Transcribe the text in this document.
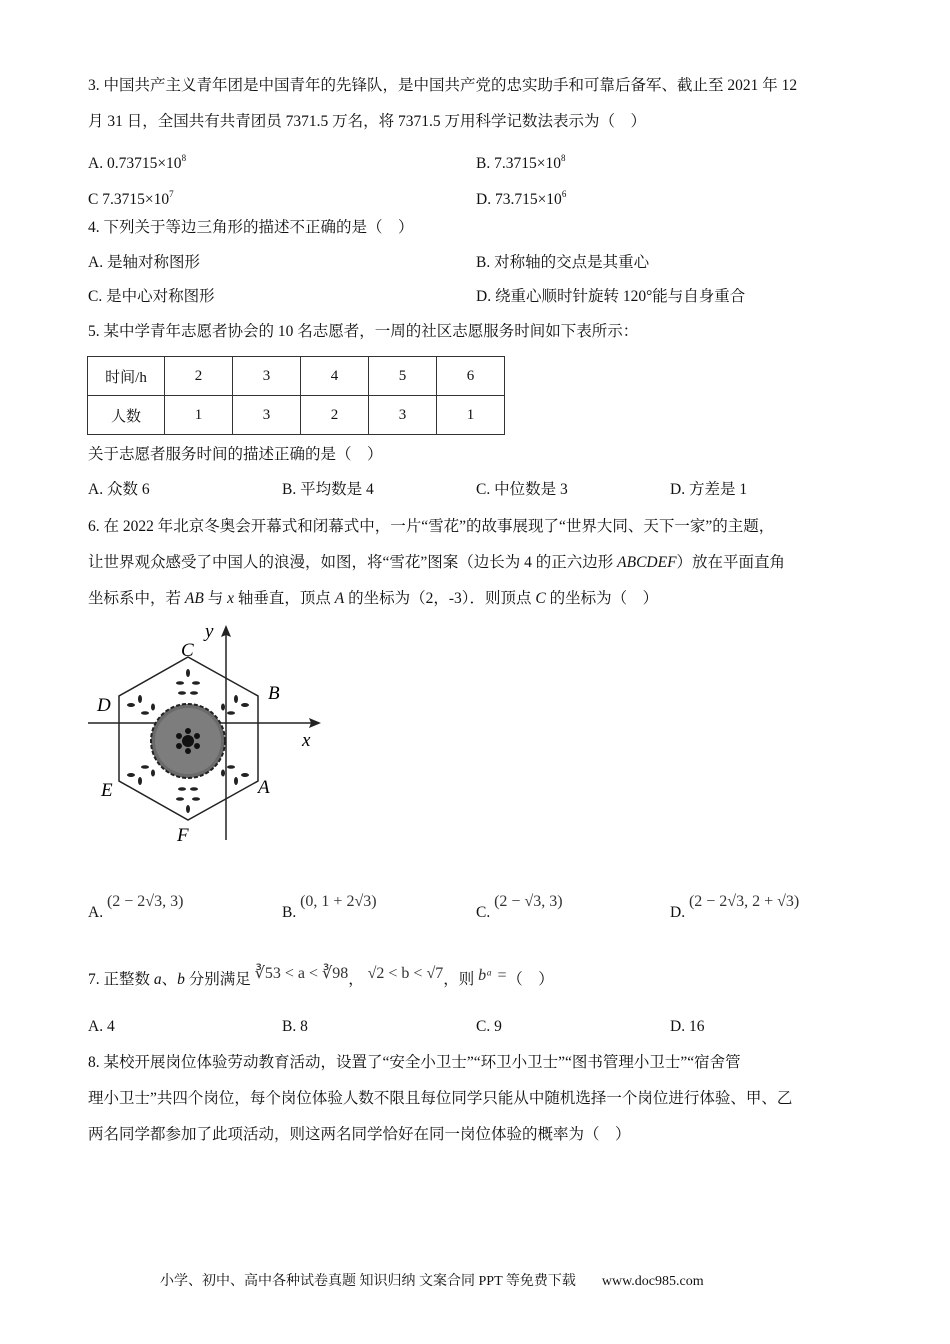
3. 中国共产主义青年团是中国青年的先锋队，是中国共产党的忠实助手和可靠后备军、截止至 2021 年 12
月 31 日，全国共有共青团员 7371.5 万名，将 7371.5 万用科学记数法表示为（　）
A. $0.73715\times 10^8$	B. $7.3715\times 10^8$
C $7.3715\times 10^7$	D. $73.715\times 10^6$
4. 下列关于等边三角形的描述不正确的是（　）
A. 是轴对称图形	B. 对称轴的交点是其重心
C. 是中心对称图形	D. 绕重心顺时针旋转 120°能与自身重合
5. 某中学青年志愿者协会的 10 名志愿者，一周的社区志愿服务时间如下表所示：
时间/h	2	3	4	5	6
人数	1	3	2	3	1
关于志愿者服务时间的描述正确的是（　）
A. 众数 6	B. 平均数是 4	C. 中位数是 3	D. 方差是 1
6. 在 2022 年北京冬奥会开幕式和闭幕式中，一片“雪花”的故事展现了“世界大同、天下一家”的主题，
让世界观众感受了中国人的浪漫，如图，将“雪花”图案（边长为 4 的正六边形 ABCDEF）放在平面直角
坐标系中，若 AB 与 x 轴垂直，顶点 A 的坐标为（2，-3）．则顶点 C 的坐标为（　）
C
B
D
E	A
F
x
y
A. (2 − 2√3, 3)
B. (0, 1 + 2√3)
C. (2 − √3, 3)
D. (2 − 2√3, 2 + √3)
7. 正整数 a、b 分别满足 ∛53 < a < ∛98， √2 < b < √7，则 bᵃ =（　）
A. 4	B. 8	C. 9	D. 16
8. 某校开展岗位体验劳动教育活动，设置了“安全小卫士”“环卫小卫士”“图书管理小卫士”“宿舍管
理小卫士”共四个岗位，每个岗位体验人数不限且每位同学只能从中随机选择一个岗位进行体验、甲、乙
两名同学都参加了此项活动，则这两名同学恰好在同一岗位体验的概率为（　）
小学、初中、高中各种试卷真题 知识归纳 文案合同 PPT 等免费下载 www.doc985.com
